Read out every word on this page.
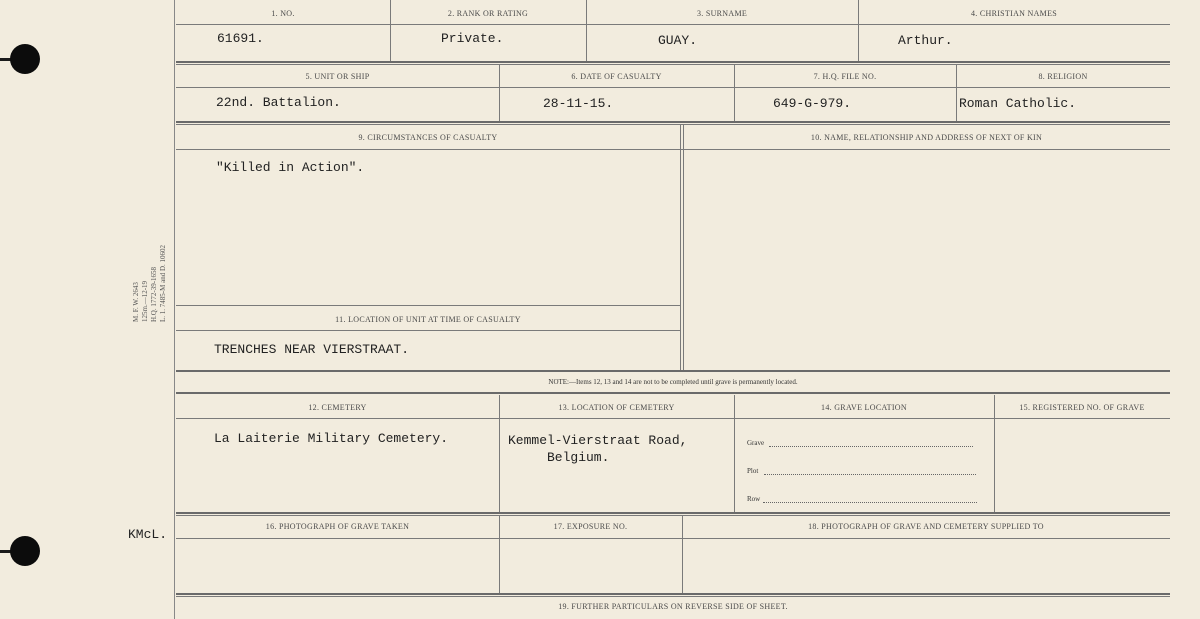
M. F. W. 2643 125m.—12-19 H.Q. 1772-39-1658 L. 1. 7485-M and D. 10602
KMcL.
1. NO.	2. RANK OR RATING	3. SURNAME	4. CHRISTIAN NAMES
61691.	Private.	GUAY.	Arthur.
5. UNIT OR SHIP	6. DATE OF CASUALTY	7. H.Q. FILE NO.	8. RELIGION
22nd. Battalion.	28-11-15.	649-G-979.	Roman Catholic.
9. CIRCUMSTANCES OF CASUALTY	10. NAME, RELATIONSHIP AND ADDRESS OF NEXT OF KIN
"Killed in Action".
11. LOCATION OF UNIT AT TIME OF CASUALTY
TRENCHES NEAR VIERSTRAAT.
NOTE:—Items 12, 13 and 14 are not to be completed until grave is permanently located.
12. CEMETERY	13. LOCATION OF CEMETERY	14. GRAVE LOCATION	15. REGISTERED NO. OF GRAVE
La Laiterie Military Cemetery.	Kemmel-Vierstraat Road,
Belgium.
Grave
Plot
Row
16. PHOTOGRAPH OF GRAVE TAKEN	17. EXPOSURE NO.	18. PHOTOGRAPH OF GRAVE AND CEMETERY SUPPLIED TO
19. FURTHER PARTICULARS ON REVERSE SIDE OF SHEET.
